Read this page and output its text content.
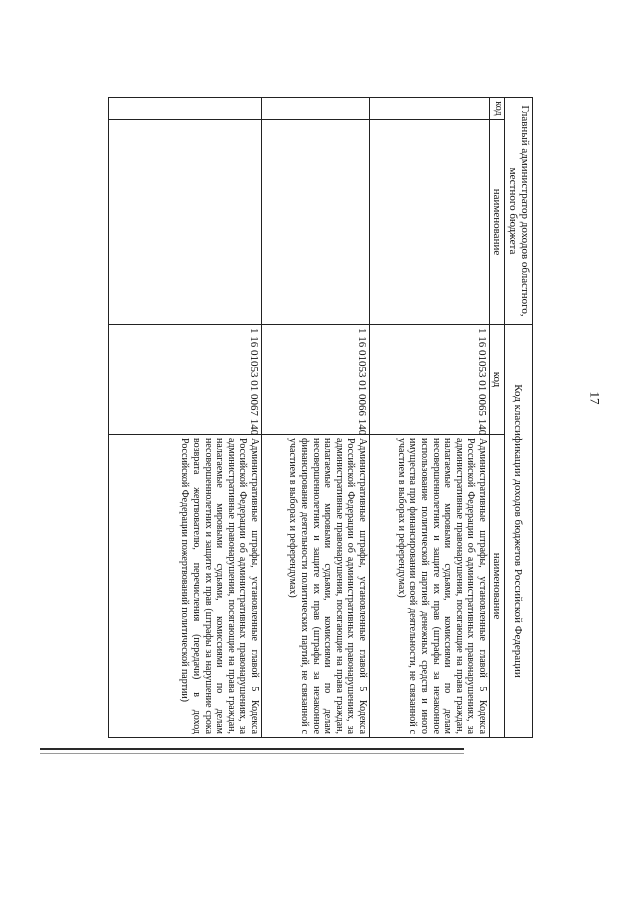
17
Главный администратор доходов областного, местного бюджета		Код классификации доходов бюджетов Российской Федерации	
код	наименование	код	наименование
		1 16 01053 01 0065 140	Административные штрафы, установленные главой 5 Кодекса Российской Федерации об административных правонарушениях, за административные правонарушения, посягающие на права граждан, налагаемые мировыми судьями, комиссиями по делам несовершеннолетних и защите их прав (штрафы за незаконное использование политической партией денежных средств и иного имущества при финансировании своей деятельности, не связанной с участием в выборах и референдумах)
		1 16 01053 01 0066 140	Административные штрафы, установленные главой 5 Кодекса Российской Федерации об административных правонарушениях, за административные правонарушения, посягающие на права граждан, налагаемые мировыми судьями, комиссиями по делам несовершеннолетних и защите их прав (штрафы за незаконное финансирование деятельности политических партий, не связанной с участием в выборах и референдумах)
		1 16 01053 01 0067 140	Административные штрафы, установленные главой 5 Кодекса Российской Федерации об административных правонарушениях, за административные правонарушения, посягающие на права граждан, налагаемые мировыми судьями, комиссиями по делам несовершеннолетних и защите их прав (штрафы за нарушение срока возврата жертвователю, перечисления (передачи) в доход Российской Федерации пожертвований политической партии)
